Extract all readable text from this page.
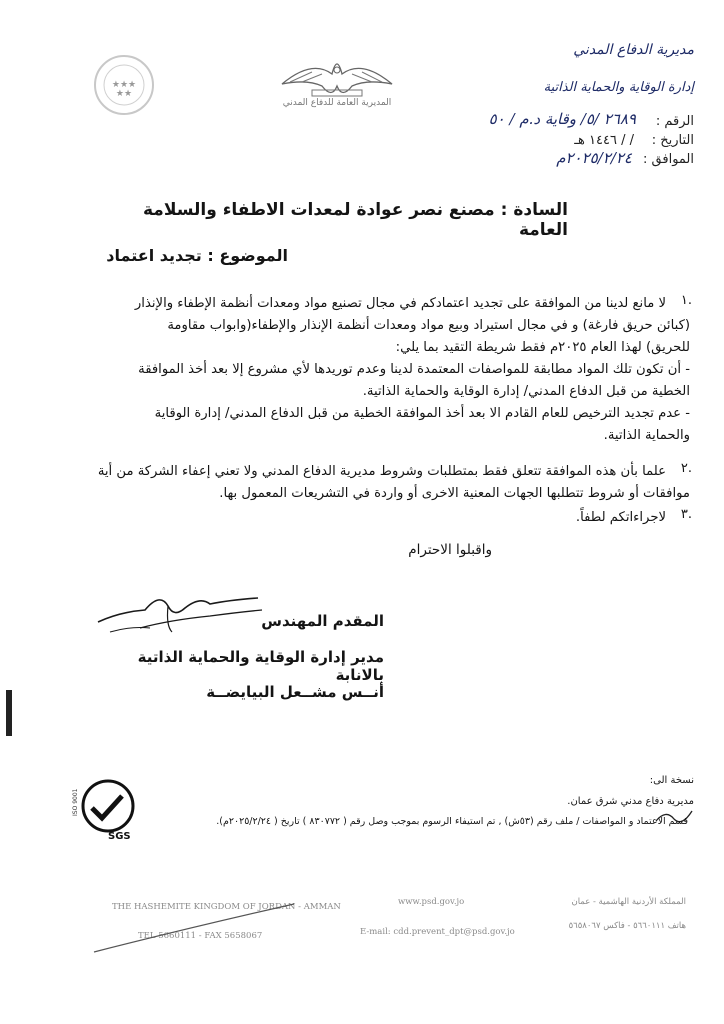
★★★
★★
المديرية العامة للدفاع المدني
مديرية الدفاع المدني
إدارة الوقاية والحماية الذاتية
الرقم :
٢٦٨٩ /٥/ وقاية د.م / ٥٠
التاريخ :
/ / ١٤٤٦ هـ
الموافق :
٢٠٢٥/٢/٢٤م
السادة : مصنع نصر عوادة لمعدات الاطفاء والسلامة العامة
الموضوع : تجديد اعتماد
١.
لا مانع لدينا من الموافقة على تجديد اعتمادكم في مجال تصنيع مواد ومعدات أنظمة الإطفاء والإنذار
(كبائن حريق فارغة) و في مجال استيراد وبيع مواد ومعدات أنظمة الإنذار والإطفاء(وابواب مقاومة
للحريق) لهذا العام ٢٠٢٥م فقط شريطة التقيد بما يلي:
- أن تكون تلك المواد مطابقة للمواصفات المعتمدة لدينا وعدم توريدها لأي مشروع إلا بعد أخذ الموافقة
الخطية من قبل الدفاع المدني/ إدارة الوقاية والحماية الذاتية.
- عدم تجديد الترخيص للعام القادم الا بعد أخذ الموافقة الخطية من قبل الدفاع المدني/ إدارة الوقاية
والحماية الذاتية.
٢.
علما بأن هذه الموافقة تتعلق فقط بمتطلبات وشروط مديرية الدفاع المدني ولا تعني إعفاء الشركة من أية
موافقات أو شروط تتطلبها الجهات المعنية الاخرى أو واردة في التشريعات المعمول بها.
٣.
لاجراءاتكم لطفاً.
واقبلوا الاحترام
المقدم المهندس
مدير إدارة الوقاية والحماية الذاتية بالانابة
أنــس مشــعل البيايضــة
نسخة الى:
مديرية دفاع مدني شرق عمان.
قسم الاعتماد و المواصفات / ملف رقم (٥٣ش) , تم استيفاء الرسوم بموجب وصل رقم ( ٨٣٠٧٧٢ ) تاريخ ( ٢٠٢٥/٢/٢٤م).
SGS
ISO 9001
THE HASHEMITE KINGDOM OF JORDAN - AMMAN
TEL 5660111 - FAX 5658067
www.psd.gov.jo
E-mail: cdd.prevent_dpt@psd.gov.jo
المملكة الأردنية الهاشمية - عمان
هاتف ٥٦٦٠١١١ - فاكس ٥٦٥٨٠٦٧
